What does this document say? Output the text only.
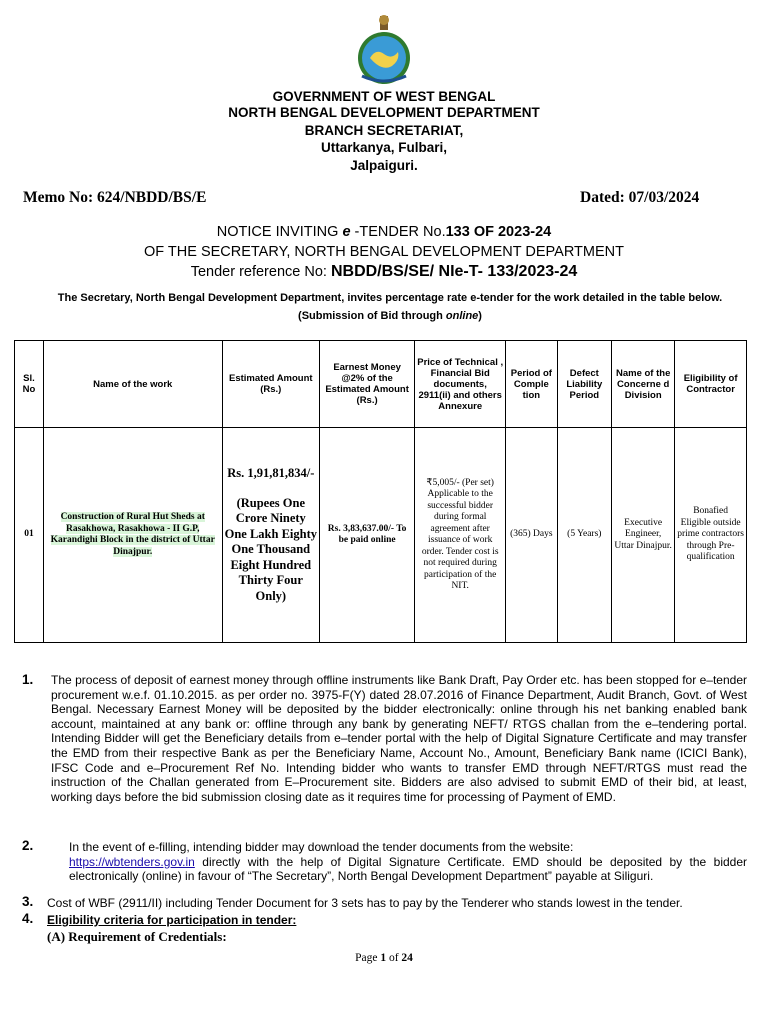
GOVERNMENT OF WEST BENGAL
NORTH BENGAL DEVELOPMENT DEPARTMENT
BRANCH SECRETARIAT,
Uttarkanya, Fulbari,
Jalpaiguri.
Memo No: 624/NBDD/BS/E	Dated: 07/03/2024
NOTICE INVITING e -TENDER No.133 OF 2023-24
OF THE SECRETARY, NORTH BENGAL DEVELOPMENT DEPARTMENT
Tender reference No: NBDD/BS/SE/ NIe-T- 133/2023-24
The Secretary, North Bengal Development Department, invites percentage rate e-tender for the work detailed in the table below. (Submission of Bid through online)
Sl. No	Name of the work	Estimated Amount (Rs.)	Earnest Money @2% of the Estimated Amount (Rs.)	Price of Technical , Financial Bid documents, 2911(ii) and others Annexure	Period of Comple tion	Defect Liability Period	Name of the Concerne d Division	Eligibility of Contractor
01	Construction of Rural Hut Sheds at Rasakhowa, Rasakhowa - II G.P, Karandighi Block in the district of Uttar Dinajpur.	Rs. 1,91,81,834/-
(Rupees One Crore Ninety One Lakh Eighty One Thousand Eight Hundred Thirty Four Only)	Rs. 3,83,637.00/- To be paid online	₹5,005/- (Per set) Applicable to the successful bidder during formal agreement after issuance of work order. Tender cost is not required during participation of the NIT.	(365) Days	(5 Years)	Executive Engineer, Uttar Dinajpur.	Bonafied Eligible outside prime contractors through Pre-qualification
1. The process of deposit of earnest money through offline instruments like Bank Draft, Pay Order etc. has been stopped for e–tender procurement w.e.f. 01.10.2015. as per order no. 3975-F(Y) dated 28.07.2016 of Finance Department, Audit Branch, Govt. of West Bengal. Necessary Earnest Money will be deposited by the bidder electronically: online through his net banking enabled bank account, maintained at any bank or: offline through any bank by generating NEFT/ RTGS challan from the e–tendering portal. Intending Bidder will get the Beneficiary details from e–tender portal with the help of Digital Signature Certificate and may transfer the EMD from their respective Bank as per the Beneficiary Name, Account No., Amount, Beneficiary Bank name (ICICI Bank), IFSC Code and e–Procurement Ref No. Intending bidder who wants to transfer EMD through NEFT/RTGS must read the instruction of the Challan generated from E–Procurement site. Bidders are also advised to submit EMD of their bid, at least, working days before the bid submission closing date as it requires time for processing of Payment of EMD.
2.	In the event of e-filling, intending bidder may download the tender documents from the website:
https://wbtenders.gov.in directly with the help of Digital Signature Certificate. EMD should be deposited by the bidder electronically (online) in favour of “The Secretary”, North Bengal Development Department” payable at Siliguri.
3. Cost of WBF (2911/II) including Tender Document for 3 sets has to pay by the Tenderer who stands lowest in the tender.
4. Eligibility criteria for participation in tender:
(A) Requirement of Credentials:
Page 1 of 24
